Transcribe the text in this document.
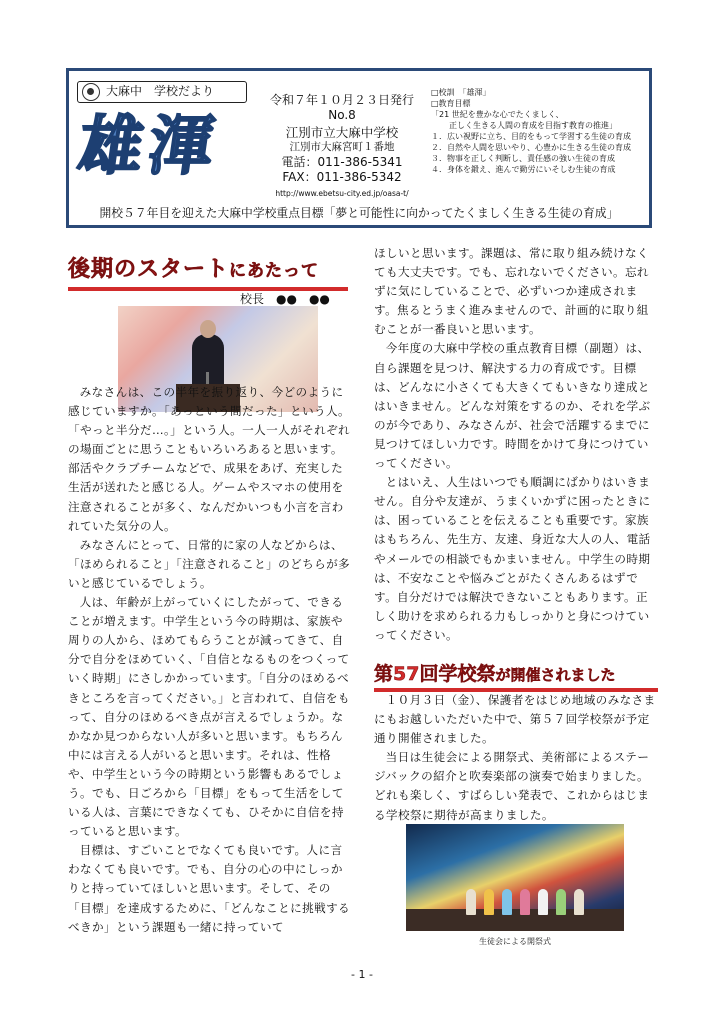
大麻中　学校だより
雄渾
令和７年１０月２３日発行
No.8
江別市立大麻中学校
江別市大麻宮町１番地
電話：011-386-5341
FAX：011-386-5342
http://www.ebetsu-city.ed.jp/oasa-t/
□校訓　「雄渾」
□教育目標
「21 世紀を豊かな心でたくましく、
正しく生きる人間の育成を目指す教育の推進」
１．広い視野に立ち、目的をもって学習する生徒の育成
２．自然や人間を思いやり、心豊かに生きる生徒の育成
３．物事を正しく判断し、責任感の強い生徒の育成
４．身体を鍛え、進んで勤労にいそしむ生徒の育成
開校５７年目を迎えた大麻中学校重点目標「夢と可能性に向かってたくましく生きる生徒の育成」
後期のスタートにあたって
校長　●●　●●

みなさんは、この半年を振り返り、今どのように感じていますか。「あっという間だった」という人。「やっと半分だ…。」という人。一人一人がそれぞれの場面ごとに思うこともいろいろあると思います。部活やクラブチームなどで、成果をあげ、充実した生活が送れたと感じる人。ゲームやスマホの使用を注意されることが多く、なんだかいつも小言を言われていた気分の人。

みなさんにとって、日常的に家の人などからは、「ほめられること」「注意されること」のどちらが多いと感じているでしょう。

人は、年齢が上がっていくにしたがって、できることが増えます。中学生という今の時期は、家族や周りの人から、ほめてもらうことが減ってきて、自分で自分をほめていく、「自信となるものをつくっていく時期」にさしかかっています。「自分のほめるべきところを言ってください。」と言われて、自信をもって、自分のほめるべき点が言えるでしょうか。なかなか見つからない人が多いと思います。もちろん中には言える人がいると思います。それは、性格や、中学生という今の時期という影響もあるでしょう。でも、日ごろから「目標」をもって生活をしている人は、言葉にできなくても、ひそかに自信を持っていると思います。

目標は、すごいことでなくても良いです。人に言わなくても良いです。でも、自分の心の中にしっかりと持っていてほしいと思います。そして、その「目標」を達成するために、「どんなことに挑戦するべきか」という課題も一緒に持っていて

ほしいと思います。課題は、常に取り組み続けなくても大丈夫です。でも、忘れないでください。忘れずに気にしていることで、必ずいつか達成されます。焦るとうまく進みませんので、計画的に取り組むことが一番良いと思います。

今年度の大麻中学校の重点教育目標（副題）は、自ら課題を見つけ、解決する力の育成です。目標は、どんなに小さくても大きくてもいきなり達成とはいきません。どんな対策をするのか、それを学ぶのが今であり、みなさんが、社会で活躍するまでに見つけてほしい力です。時間をかけて身につけていってください。

とはいえ、人生はいつでも順調にばかりはいきません。自分や友達が、うまくいかずに困ったときには、困っていることを伝えることも重要です。家族はもちろん、先生方、友達、身近な大人の人、電話やメールでの相談でもかまいません。中学生の時期は、不安なことや悩みごとがたくさんあるはずです。自分だけでは解決できないこともあります。正しく助けを求められる力もしっかりと身につけていってください。

第57回学校祭が開催されました

１０月３日（金）、保護者をはじめ地域のみなさまにもお越しいただいた中で、第５７回学校祭が予定通り開催されました。

当日は生徒会による開祭式、美術部によるステージバックの紹介と吹奏楽部の演奏で始まりました。どれも楽しく、すばらしい発表で、これからはじまる学校祭に期待が高まりました。

生徒会による開祭式
- 1 -
